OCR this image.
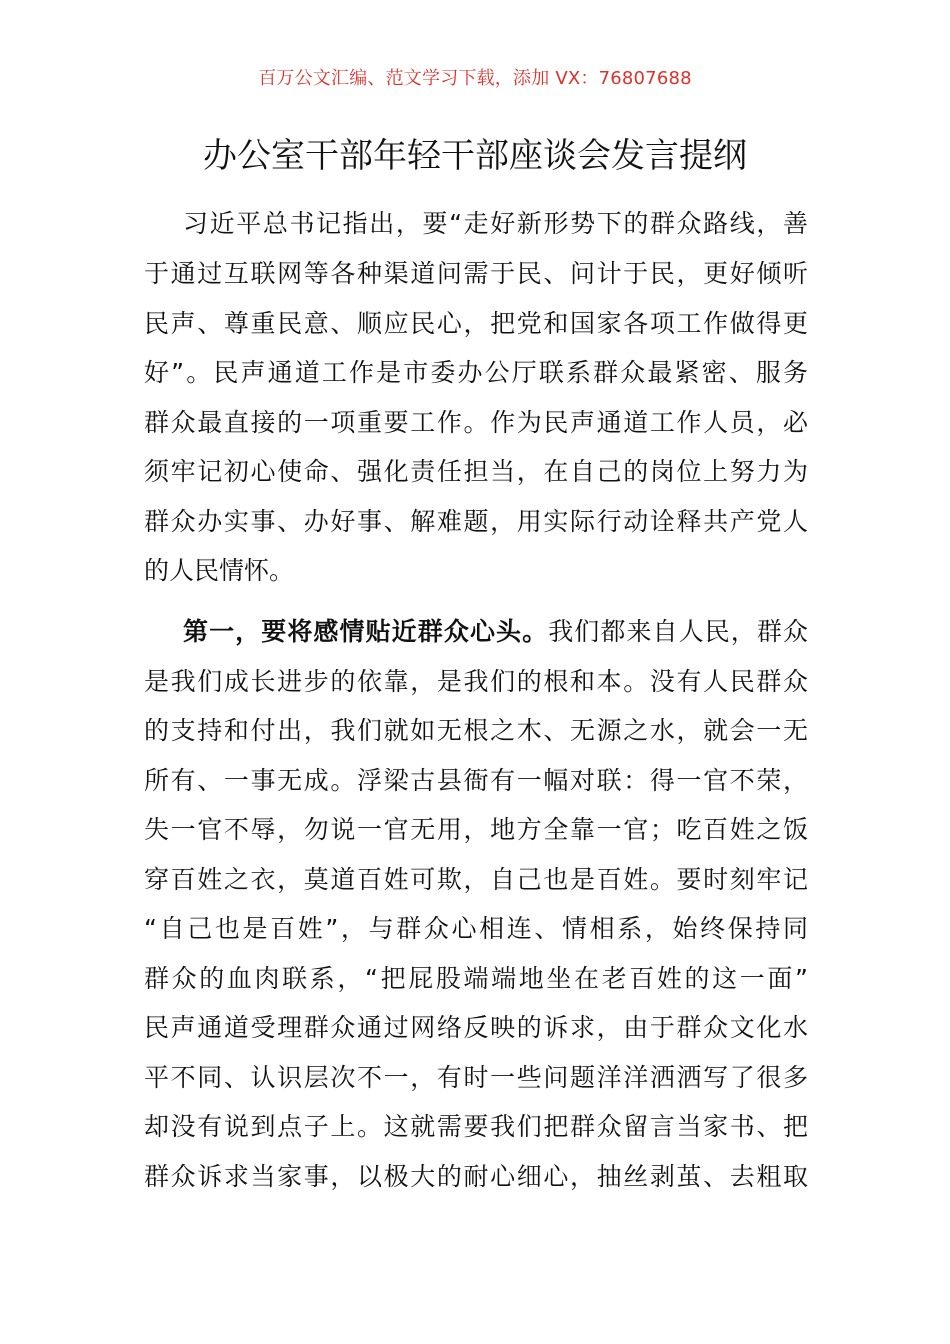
百万公文汇编、范文学习下载，添加 VX：76807688
办公室干部年轻干部座谈会发言提纲
习近平总书记指出，要“走好新形势下的群众路线，善
于通过互联网等各种渠道问需于民、问计于民，更好倾听
民声、尊重民意、顺应民心，把党和国家各项工作做得更
好”。民声通道工作是市委办公厅联系群众最紧密、服务
群众最直接的一项重要工作。作为民声通道工作人员，必
须牢记初心使命、强化责任担当，在自己的岗位上努力为
群众办实事、办好事、解难题，用实际行动诠释共产党人
的人民情怀。
第一，要将感情贴近群众心头。我们都来自人民，群众
是我们成长进步的依靠，是我们的根和本。没有人民群众
的支持和付出，我们就如无根之木、无源之水，就会一无
所有、一事无成。浮梁古县衙有一幅对联：得一官不荣，
失一官不辱，勿说一官无用，地方全靠一官；吃百姓之饭
穿百姓之衣，莫道百姓可欺，自己也是百姓。要时刻牢记
“自己也是百姓”，与群众心相连、情相系，始终保持同
群众的血肉联系，“把屁股端端地坐在老百姓的这一面”
民声通道受理群众通过网络反映的诉求，由于群众文化水
平不同、认识层次不一，有时一些问题洋洋洒洒写了很多
却没有说到点子上。这就需要我们把群众留言当家书、把
群众诉求当家事，以极大的耐心细心，抽丝剥茧、去粗取
